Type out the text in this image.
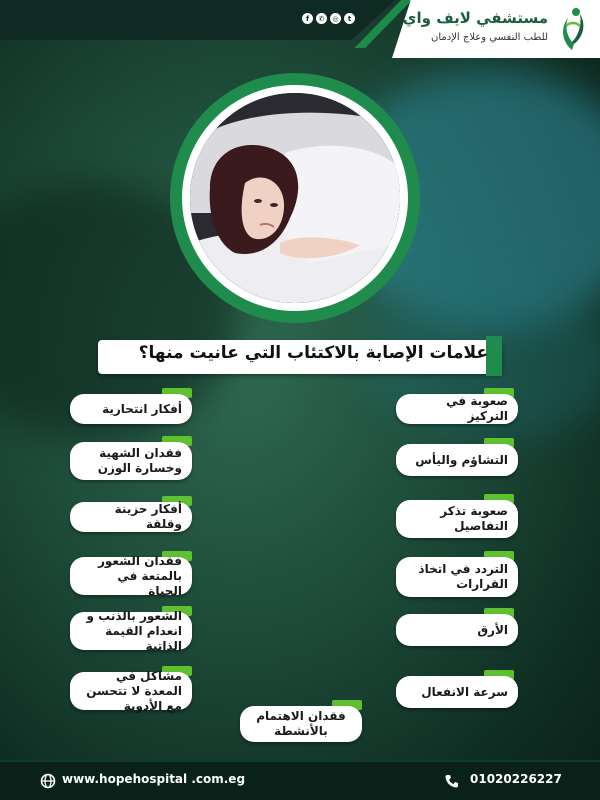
f	✆	◎	t	مستشفي لايف واي
للطب النفسي وعلاج الإدمان
علامات الإصابة بالاكتئاب التي عانيت منها؟
صعوبة في التركيز
التشاؤم واليأس
صعوبة تذكر التفاصيل
التردد في اتخاذ القرارات
الأرق
سرعة الانفعال
أفكار انتحارية
فقدان الشهية وخسارة الوزن
أفكار حزينة وقلقة
فقدان الشعور بالمتعة في الحياة
الشعور بالذنب و انعدام القيمة الذاتية
مشاكل في المعدة لا تتحسن مع الأدوية
فقدان الاهتمام بالأنشطة
www.hopehospital .com.eg	01020226227
